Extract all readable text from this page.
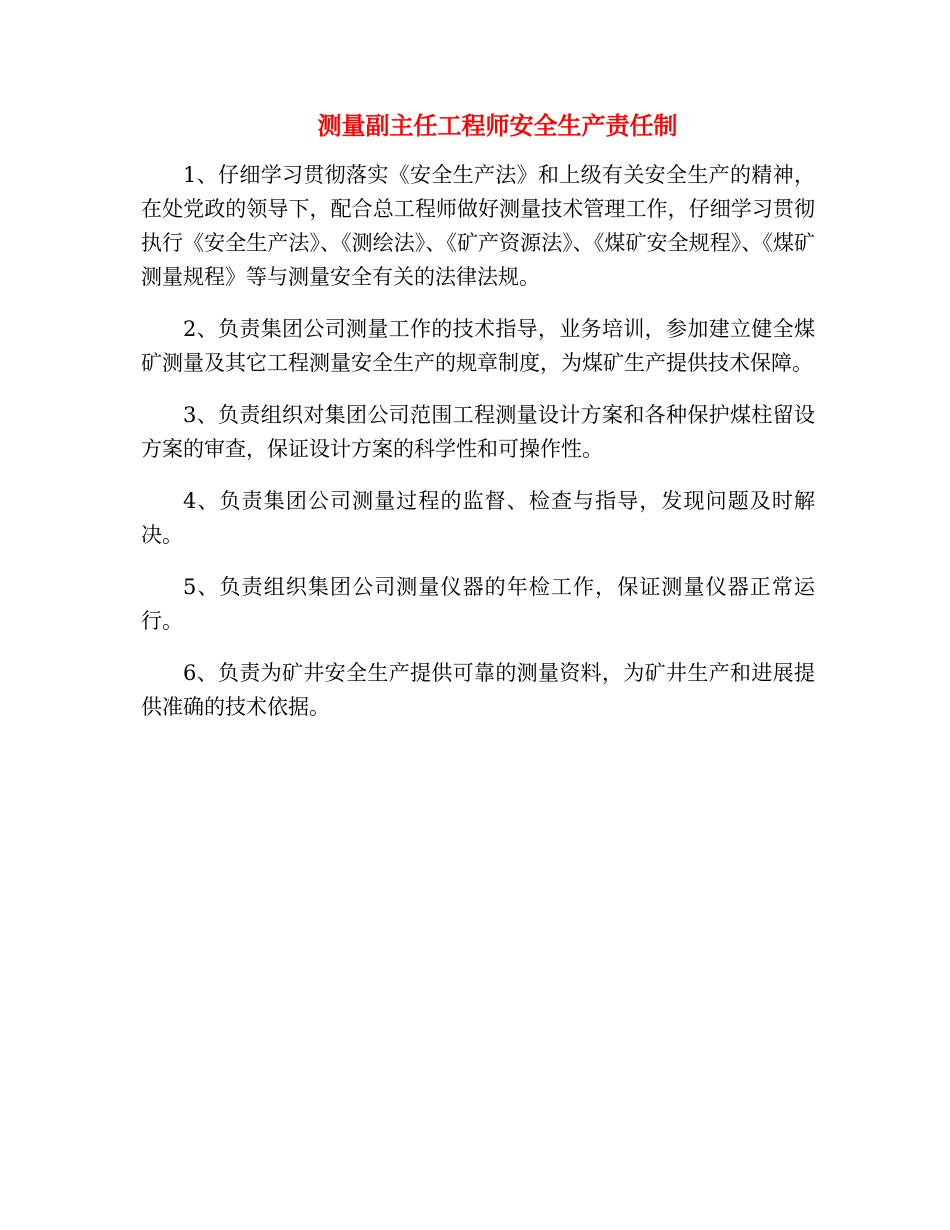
测量副主任工程师安全生产责任制

1、仔细学习贯彻落实《安全生产法》和上级有关安全生产的精神，在处党政的领导下，配合总工程师做好测量技术管理工作，仔细学习贯彻执行《安全生产法》、《测绘法》、《矿产资源法》、《煤矿安全规程》、《煤矿测量规程》等与测量安全有关的法律法规。

2、负责集团公司测量工作的技术指导，业务培训，参加建立健全煤矿测量及其它工程测量安全生产的规章制度，为煤矿生产提供技术保障。

3、负责组织对集团公司范围工程测量设计方案和各种保护煤柱留设方案的审查，保证设计方案的科学性和可操作性。

4、负责集团公司测量过程的监督、检查与指导，发现问题及时解决。

5、负责组织集团公司测量仪器的年检工作，保证测量仪器正常运行。

6、负责为矿井安全生产提供可靠的测量资料，为矿井生产和进展提供准确的技术依据。
